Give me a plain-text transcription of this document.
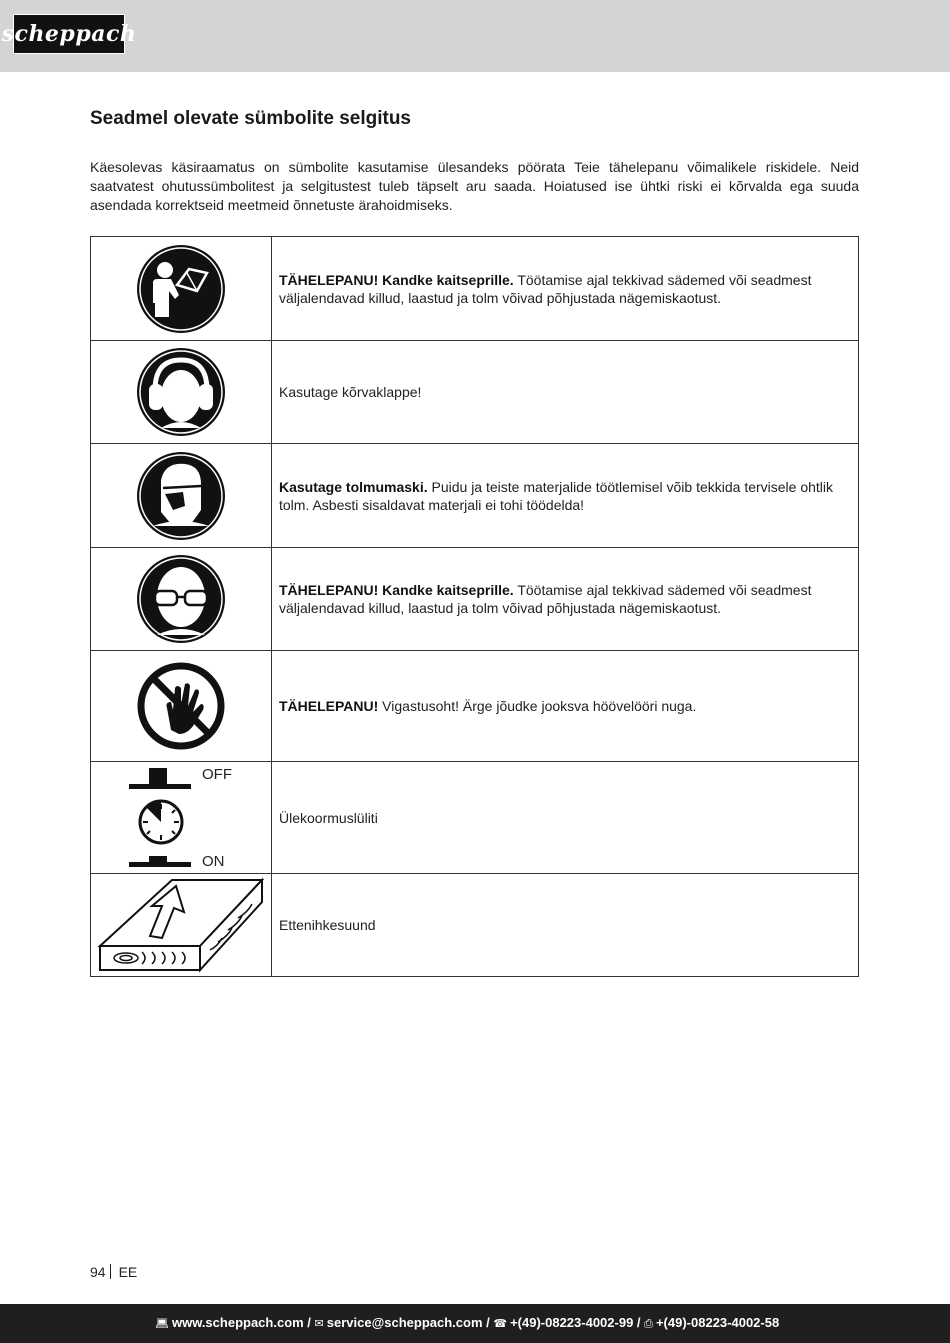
scheppach
Seadmel olevate sümbolite selgitus

Käesolevas käsiraamatus on sümbolite kasutamise ülesandeks pöörata Teie tähelepanu võimalikele riskidele. Neid saatvatest ohutussümbolitest ja selgitustest tuleb täpselt aru saada. Hoiatused ise ühtki riski ei kõrvalda ega suuda asendada korrektseid meetmeid õnnetuste ärahoidmiseks.

	TÄHELEPANU! Kandke kaitseprille. Töötamise ajal tekkivad sädemed või seadmest väljalendavad killud, laastud ja tolm võivad põhjustada nägemiskaotust.

	Kasutage kõrvaklappe!

	Kasutage tolmumaski. Puidu ja teiste materjalide töötlemisel võib tekkida tervisele ohtlik tolm. Asbesti sisaldavat materjali ei tohi töödelda!

	TÄHELEPANU! Kandke kaitseprille. Töötamise ajal tekkivad sädemed või seadmest väljalendavad killud, laastud ja tolm võivad põhjustada nägemiskaotust.

	TÄHELEPANU! Vigastusoht! Ärge jõudke jooksva höövelööri nuga.

OFF
ON	Ülekoormuslüliti

	Ettenihkesuund
94 EE
💻︎ www.scheppach.com / ✉ service@scheppach.com / ☎ +(49)-08223-4002-99 / ⎙ +(49)-08223-4002-58
